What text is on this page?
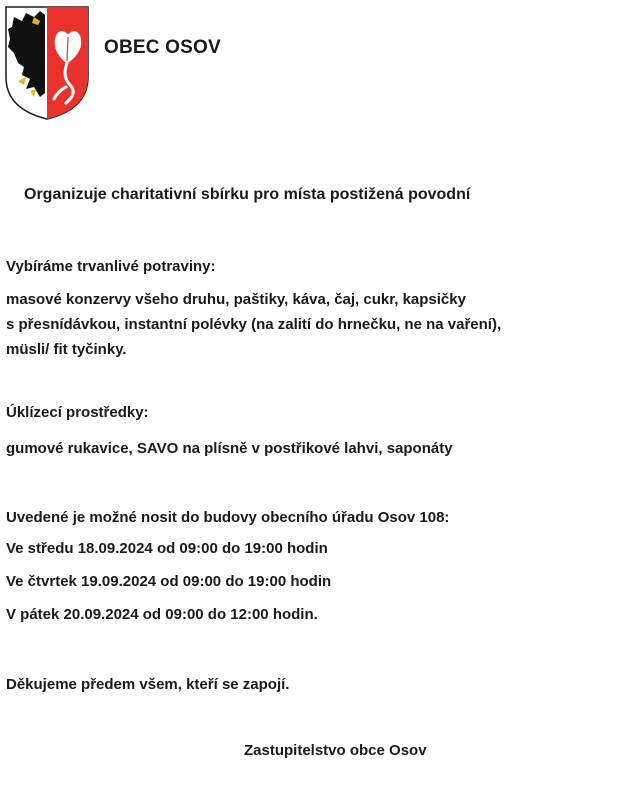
OBEC OSOV
Organizuje charitativní sbírku pro místa postižená povodní
Vybíráme trvanlivé potraviny:
masové konzervy všeho druhu, paštiky, káva, čaj, cukr, kapsičky
s přesnídávkou, instantní polévky (na zalití do hrnečku, ne na vaření),
müsli/ fit tyčinky.
Úklízecí prostředky:
gumové rukavice, SAVO na plísně v postřikové lahvi, saponáty
Uvedené je možné nosit do budovy obecního úřadu Osov 108:
Ve středu 18.09.2024 od 09:00 do 19:00 hodin
Ve čtvrtek 19.09.2024 od 09:00 do 19:00 hodin
V pátek 20.09.2024 od 09:00 do 12:00 hodin.
Děkujeme předem všem, kteří se zapojí.
Zastupitelstvo obce Osov
